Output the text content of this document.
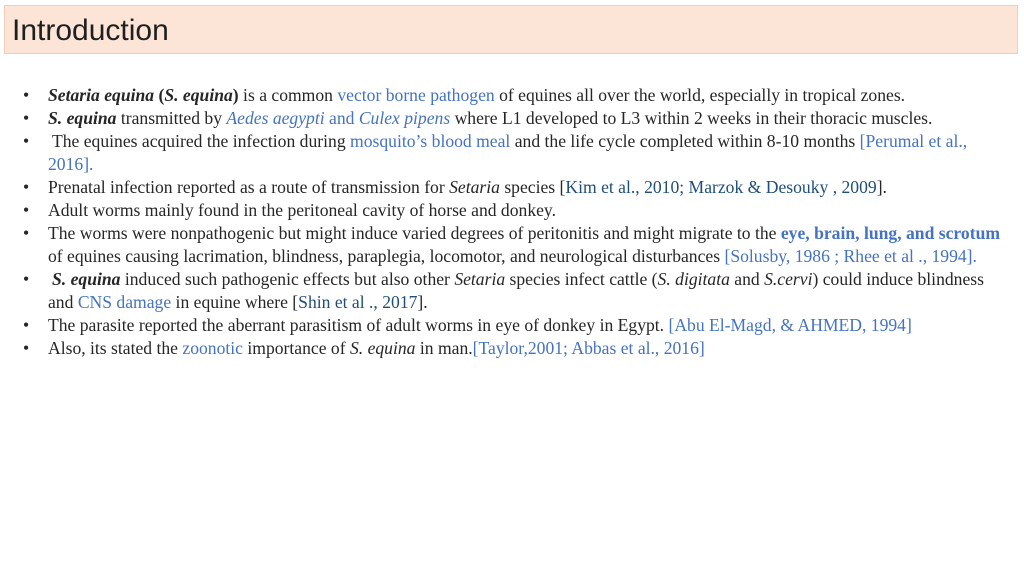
Introduction
• Setaria equina (S. equina) is a common vector borne pathogen of equines all over the world, especially in tropical zones.
• S. equina transmitted by Aedes aegypti and Culex pipens where L1 developed to L3 within 2 weeks in their thoracic muscles.
• The equines acquired the infection during mosquito’s blood meal and the life cycle completed within 8-10 months [Perumal et al., 2016].
• Prenatal infection reported as a route of transmission for Setaria species [Kim et al., 2010; Marzok & Desouky , 2009].
• Adult worms mainly found in the peritoneal cavity of horse and donkey.
• The worms were nonpathogenic but might induce varied degrees of peritonitis and might migrate to the eye, brain, lung, and scrotum of equines causing lacrimation, blindness, paraplegia, locomotor, and neurological disturbances [Solusby, 1986 ; Rhee et al ., 1994].
• S. equina induced such pathogenic effects but also other Setaria species infect cattle (S. digitata and S.cervi) could induce blindness and CNS damage in equine where [Shin et al ., 2017].
• The parasite reported the aberrant parasitism of adult worms in eye of donkey in Egypt. [Abu El-Magd, & AHMED, 1994]
• Also, its stated the zoonotic importance of S. equina in man.[Taylor,2001; Abbas et al., 2016]
